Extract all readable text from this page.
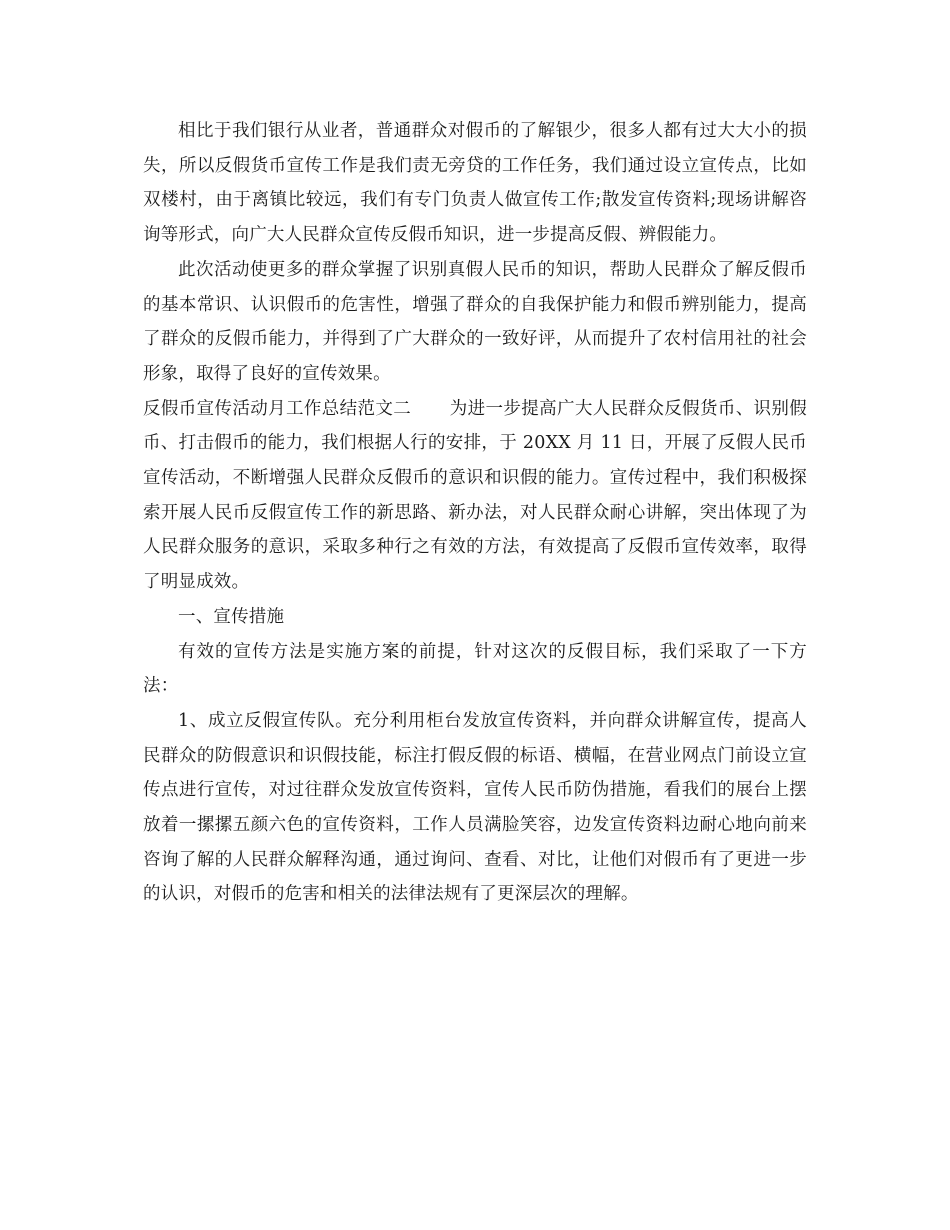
相比于我们银行从业者，普通群众对假币的了解银少，很多人都有过大大小的损失，所以反假货币宣传工作是我们责无旁贷的工作任务，我们通过设立宣传点，比如双楼村，由于离镇比较远，我们有专门负责人做宣传工作;散发宣传资料;现场讲解咨询等形式，向广大人民群众宣传反假币知识，进一步提高反假、辨假能力。

此次活动使更多的群众掌握了识别真假人民币的知识，帮助人民群众了解反假币的基本常识、认识假币的危害性，增强了群众的自我保护能力和假币辨别能力，提高了群众的反假币能力，并得到了广大群众的一致好评，从而提升了农村信用社的社会形象，取得了良好的宣传效果。

反假币宣传活动月工作总结范文二 为进一步提高广大人民群众反假货币、识别假币、打击假币的能力，我们根据人行的安排，于 20XX 月 11 日，开展了反假人民币宣传活动，不断增强人民群众反假币的意识和识假的能力。宣传过程中，我们积极探索开展人民币反假宣传工作的新思路、新办法，对人民群众耐心讲解，突出体现了为人民群众服务的意识，采取多种行之有效的方法，有效提高了反假币宣传效率，取得了明显成效。

一、宣传措施

有效的宣传方法是实施方案的前提，针对这次的反假目标，我们采取了一下方法：

1、成立反假宣传队。充分利用柜台发放宣传资料，并向群众讲解宣传，提高人民群众的防假意识和识假技能，标注打假反假的标语、横幅，在营业网点门前设立宣传点进行宣传，对过往群众发放宣传资料，宣传人民币防伪措施，看我们的展台上摆放着一摞摞五颜六色的宣传资料，工作人员满脸笑容，边发宣传资料边耐心地向前来咨询了解的人民群众解释沟通，通过询问、查看、对比，让他们对假币有了更进一步的认识，对假币的危害和相关的法律法规有了更深层次的理解。
